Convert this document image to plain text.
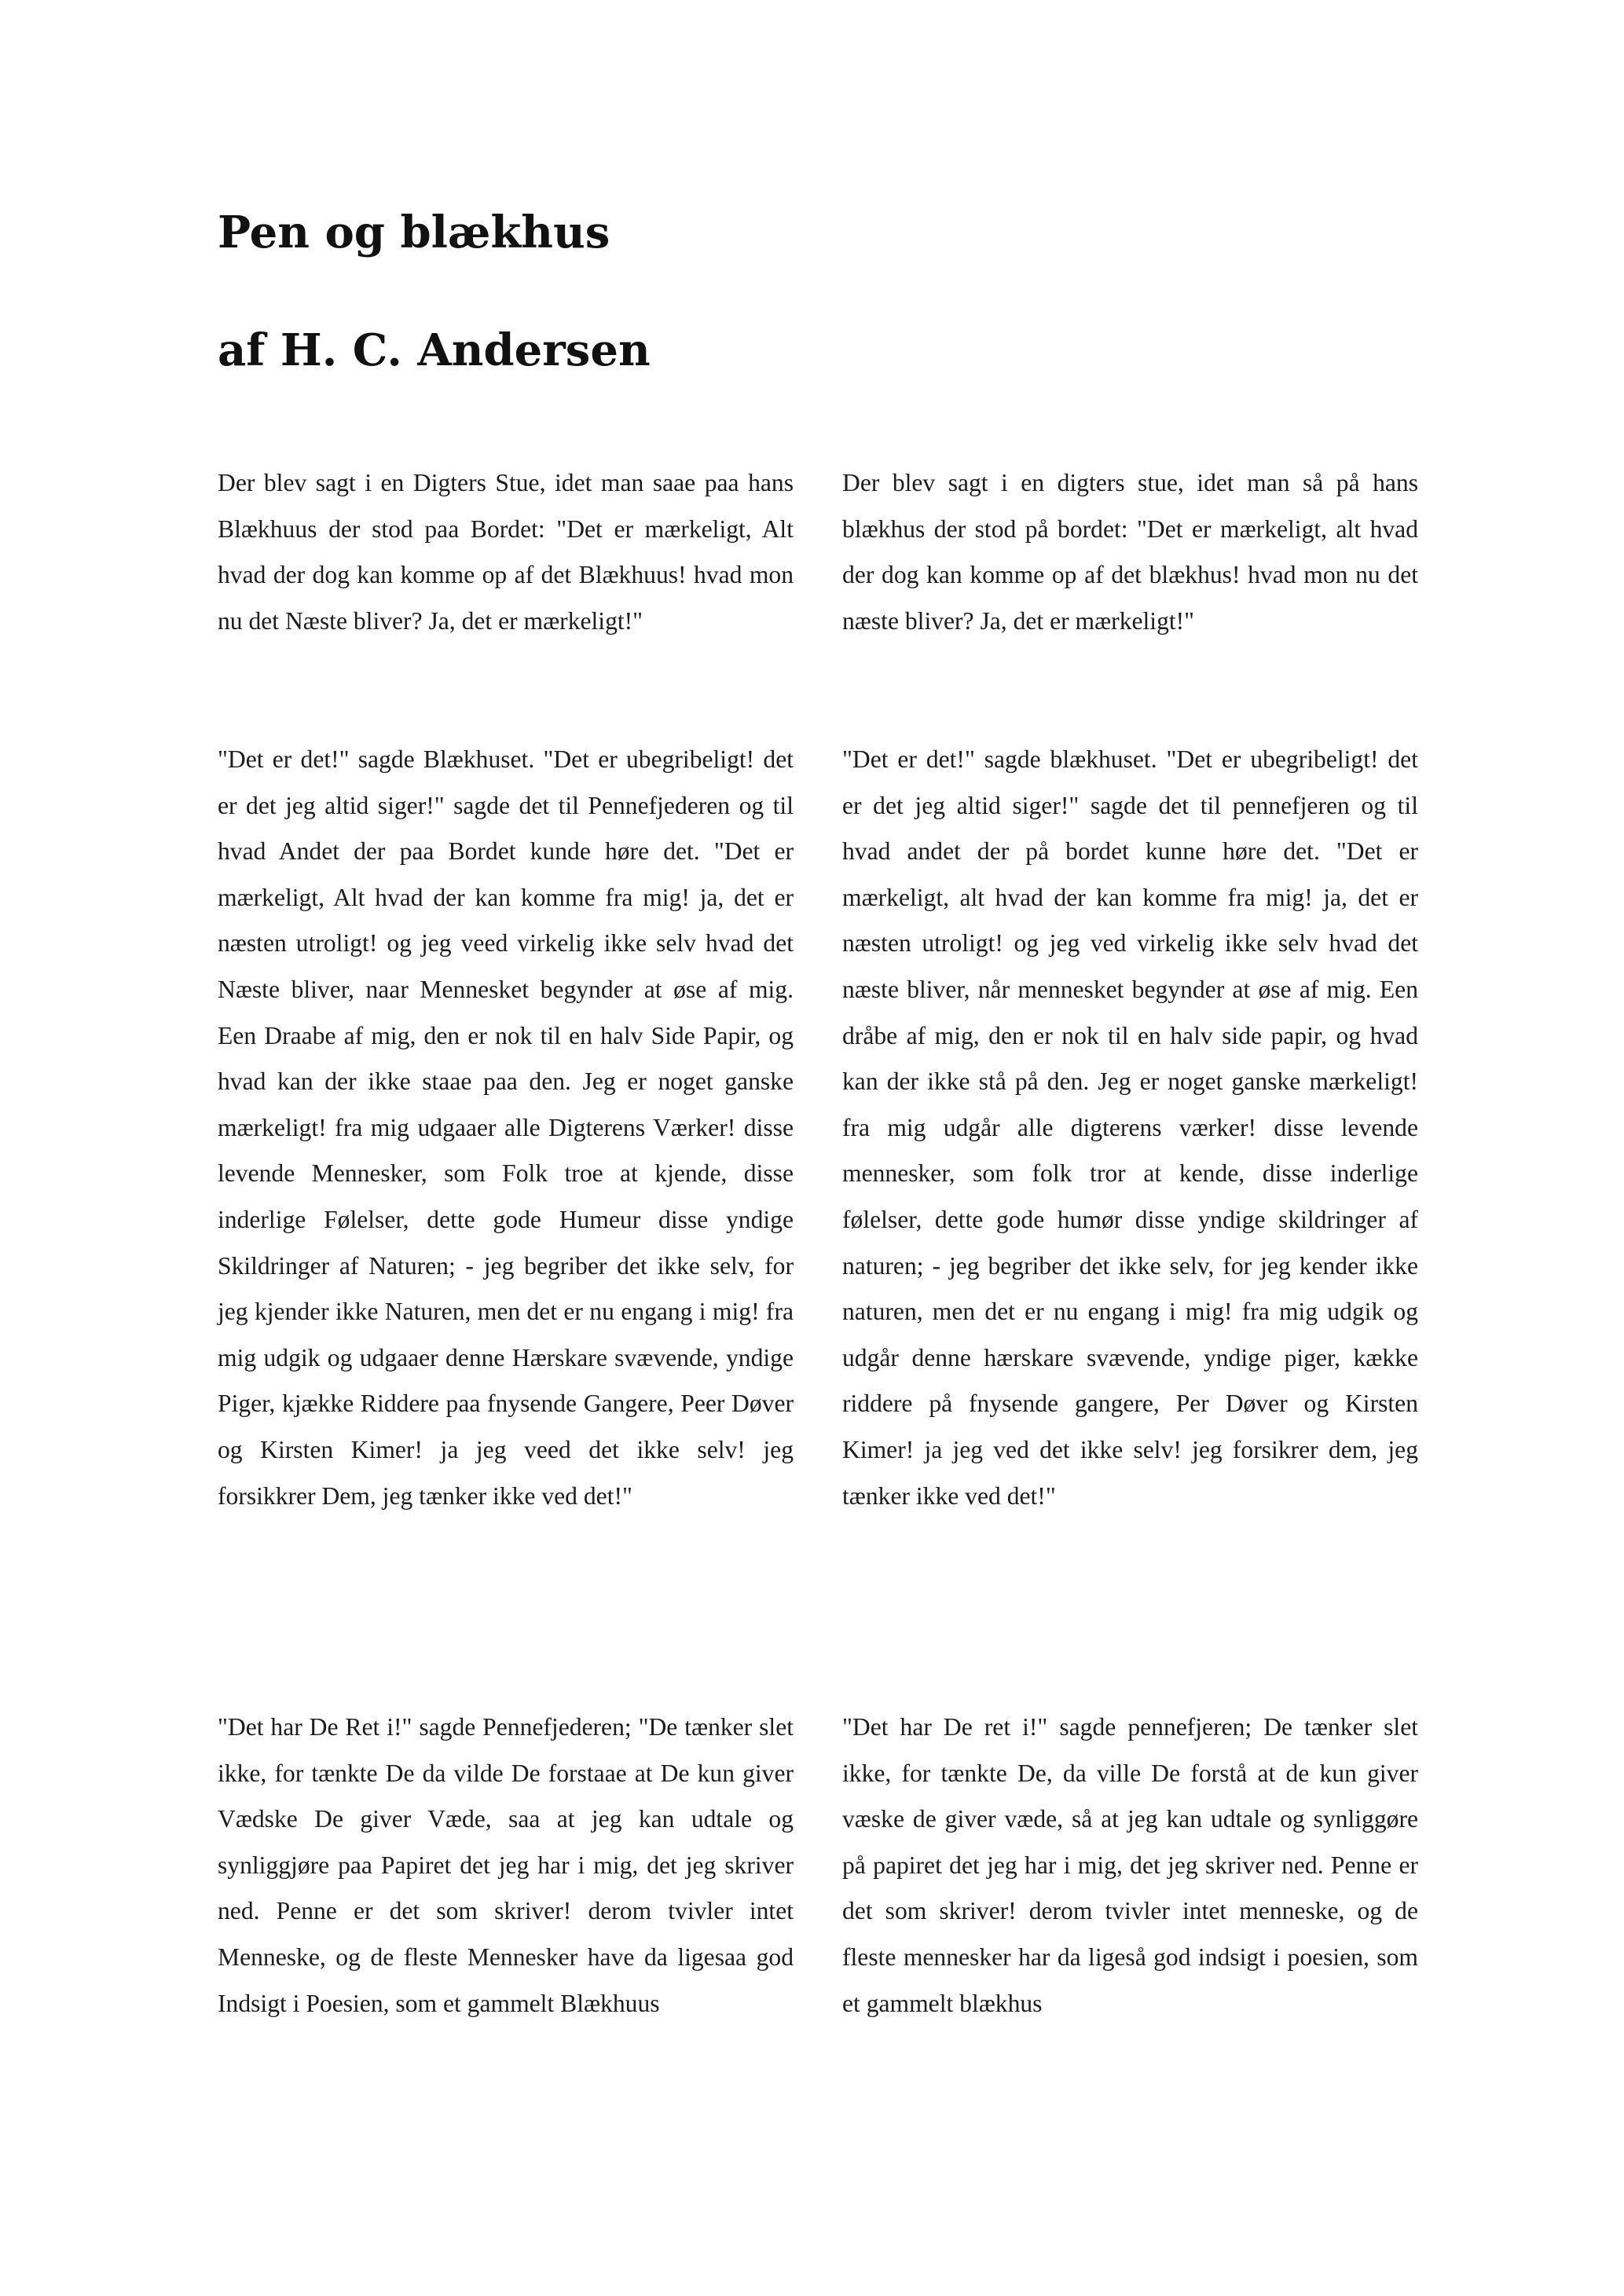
Pen og blækhus
af H. C. Andersen

Der blev sagt i en Digters Stue, idet man saae paa hans Blækhuus der stod paa Bordet: "Det er mærkeligt, Alt hvad der dog kan komme op af det Blækhuus! hvad mon nu det Næste bliver? Ja, det er mærkeligt!"

"Det er det!" sagde Blækhuset. "Det er ubegribeligt! det er det jeg altid siger!" sagde det til Pennefjederen og til hvad Andet der paa Bordet kunde høre det. "Det er mærkeligt, Alt hvad der kan komme fra mig! ja, det er næsten utroligt! og jeg veed virkelig ikke selv hvad det Næste bliver, naar Mennesket begynder at øse af mig. Een Draabe af mig, den er nok til en halv Side Papir, og hvad kan der ikke staae paa den. Jeg er noget ganske mærkeligt! fra mig udgaaer alle Digterens Værker! disse levende Mennesker, som Folk troe at kjende, disse inderlige Følelser, dette gode Humeur disse yndige Skildringer af Naturen; - jeg begriber det ikke selv, for jeg kjender ikke Naturen, men det er nu engang i mig! fra mig udgik og udgaaer denne Hærskare svævende, yndige Piger, kjække Riddere paa fnysende Gangere, Peer Døver og Kirsten Kimer! ja jeg veed det ikke selv! jeg forsikkrer Dem, jeg tænker ikke ved det!"

"Det har De Ret i!" sagde Pennefjederen; "De tænker slet ikke, for tænkte De da vilde De forstaae at De kun giver Vædske De giver Væde, saa at jeg kan udtale og synliggjøre paa Papiret det jeg har i mig, det jeg skriver ned. Penne er det som skriver! derom tvivler intet Menneske, og de fleste Mennesker have da ligesaa god Indsigt i Poesien, som et gammelt Blækhuus

Der blev sagt i en digters stue, idet man så på hans blækhus der stod på bordet: "Det er mærkeligt, alt hvad der dog kan komme op af det blækhus! hvad mon nu det næste bliver? Ja, det er mærkeligt!"

"Det er det!" sagde blækhuset. "Det er ubegribeligt! det er det jeg altid siger!" sagde det til pennefjeren og til hvad andet der på bordet kunne høre det. "Det er mærkeligt, alt hvad der kan komme fra mig! ja, det er næsten utroligt! og jeg ved virkelig ikke selv hvad det næste bliver, når mennesket begynder at øse af mig. Een dråbe af mig, den er nok til en halv side papir, og hvad kan der ikke stå på den. Jeg er noget ganske mærkeligt! fra mig udgår alle digterens værker! disse levende mennesker, som folk tror at kende, disse inderlige følelser, dette gode humør disse yndige skildringer af naturen; - jeg begriber det ikke selv, for jeg kender ikke naturen, men det er nu engang i mig! fra mig udgik og udgår denne hærskare svævende, yndige piger, kække riddere på fnysende gangere, Per Døver og Kirsten Kimer! ja jeg ved det ikke selv! jeg forsikrer dem, jeg tænker ikke ved det!"

"Det har De ret i!" sagde pennefjeren; De tænker slet ikke, for tænkte De, da ville De forstå at de kun giver væske de giver væde, så at jeg kan udtale og synliggøre på papiret det jeg har i mig, det jeg skriver ned. Penne er det som skriver! derom tvivler intet menneske, og de fleste mennesker har da ligeså god indsigt i poesien, som et gammelt blækhus
